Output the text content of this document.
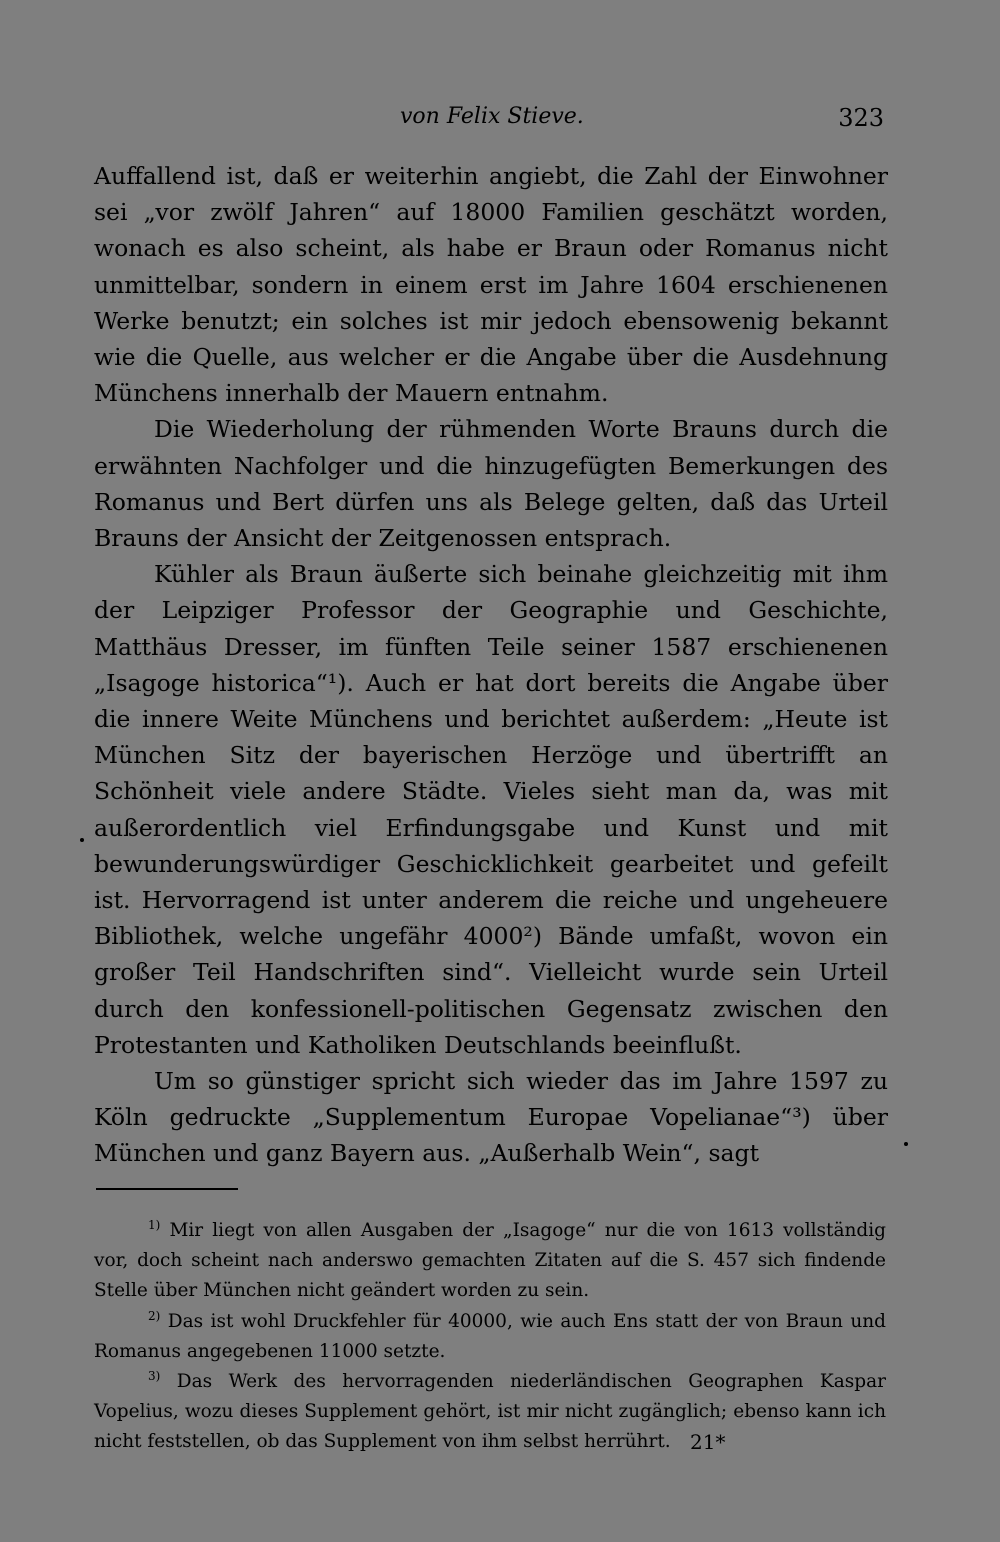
von Felix Stieve.	323

Auffallend ist, daß er weiterhin angiebt, die Zahl der Einwohner sei „vor zwölf Jahren“ auf 18000 Familien geschätzt worden, wonach es also scheint, als habe er Braun oder Romanus nicht unmittelbar, sondern in einem erst im Jahre 1604 erschienenen Werke benutzt; ein solches ist mir jedoch ebensowenig bekannt wie die Quelle, aus welcher er die Angabe über die Ausdehnung Münchens innerhalb der Mauern entnahm.

Die Wiederholung der rühmenden Worte Brauns durch die erwähnten Nachfolger und die hinzugefügten Bemerkungen des Romanus und Bert dürfen uns als Belege gelten, daß das Urteil Brauns der Ansicht der Zeitgenossen entsprach.

Kühler als Braun äußerte sich beinahe gleichzeitig mit ihm der Leipziger Professor der Geographie und Geschichte, Matthäus Dresser, im fünften Teile seiner 1587 erschienenen „Isagoge historica“¹). Auch er hat dort bereits die Angabe über die innere Weite Münchens und berichtet außerdem: „Heute ist München Sitz der bayerischen Herzöge und übertrifft an Schönheit viele andere Städte. Vieles sieht man da, was mit außerordentlich viel Erfindungsgabe und Kunst und mit bewunderungswürdiger Geschicklichkeit gearbeitet und gefeilt ist. Hervorragend ist unter anderem die reiche und ungeheuere Bibliothek, welche ungefähr 4000²) Bände umfaßt, wovon ein großer Teil Handschriften sind“. Vielleicht wurde sein Urteil durch den konfessionell-politischen Gegensatz zwischen den Protestanten und Katholiken Deutschlands beeinflußt.

Um so günstiger spricht sich wieder das im Jahre 1597 zu Köln gedruckte „Supplementum Europae Vopelianae“³) über München und ganz Bayern aus. „Außerhalb Wein“, sagt

$^{1)}$ Mir liegt von allen Ausgaben der „Isagoge“ nur die von 1613 vollständig vor, doch scheint nach anderswo gemachten Zitaten auf die S. 457 sich findende Stelle über München nicht geändert worden zu sein.

$^{2)}$ Das ist wohl Druckfehler für 40000, wie auch Ens statt der von Braun und Romanus angegebenen 11000 setzte.

$^{3)}$ Das Werk des hervorragenden niederländischen Geographen Kaspar Vopelius, wozu dieses Supplement gehört, ist mir nicht zugänglich; ebenso kann ich nicht feststellen, ob das Supplement von ihm selbst herrührt. 21*
